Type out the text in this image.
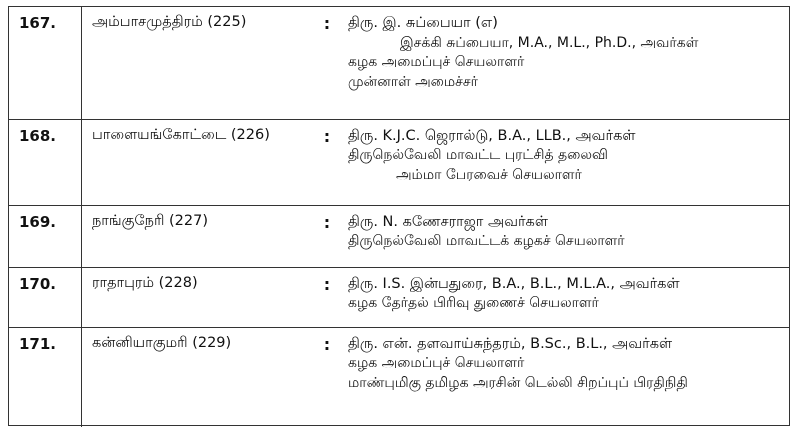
167.	அம்பாசமுத்திரம் (225)	:	திரு. இ. சுப்பையா (எ)
இசக்கி சுப்பையா, M.A., M.L., Ph.D., அவர்கள்
கழக அமைப்புச் செயலாளர்
முன்னாள் அமைச்சர்

168.	பாளையங்கோட்டை (226)	:	திரு. K.J.C. ஜெரால்டு, B.A., LLB., அவர்கள்
திருநெல்வேலி மாவட்ட புரட்சித் தலைவி
அம்மா பேரவைச் செயலாளர்

169.	நாங்குநேரி (227)	:	திரு. N. கணேசராஜா அவர்கள்
திருநெல்வேலி மாவட்டக் கழகச் செயலாளர்

170.	ராதாபுரம் (228)	:	திரு. I.S. இன்பதுரை, B.A., B.L., M.L.A., அவர்கள்
கழக தேர்தல் பிரிவு துணைச் செயலாளர்

171.	கன்னியாகுமரி (229)	:	திரு. என். தளவாய்சுந்தரம், B.Sc., B.L., அவர்கள்
கழக அமைப்புச் செயலாளர்
மாண்புமிகு தமிழக அரசின் டெல்லி சிறப்புப் பிரதிநிதி
